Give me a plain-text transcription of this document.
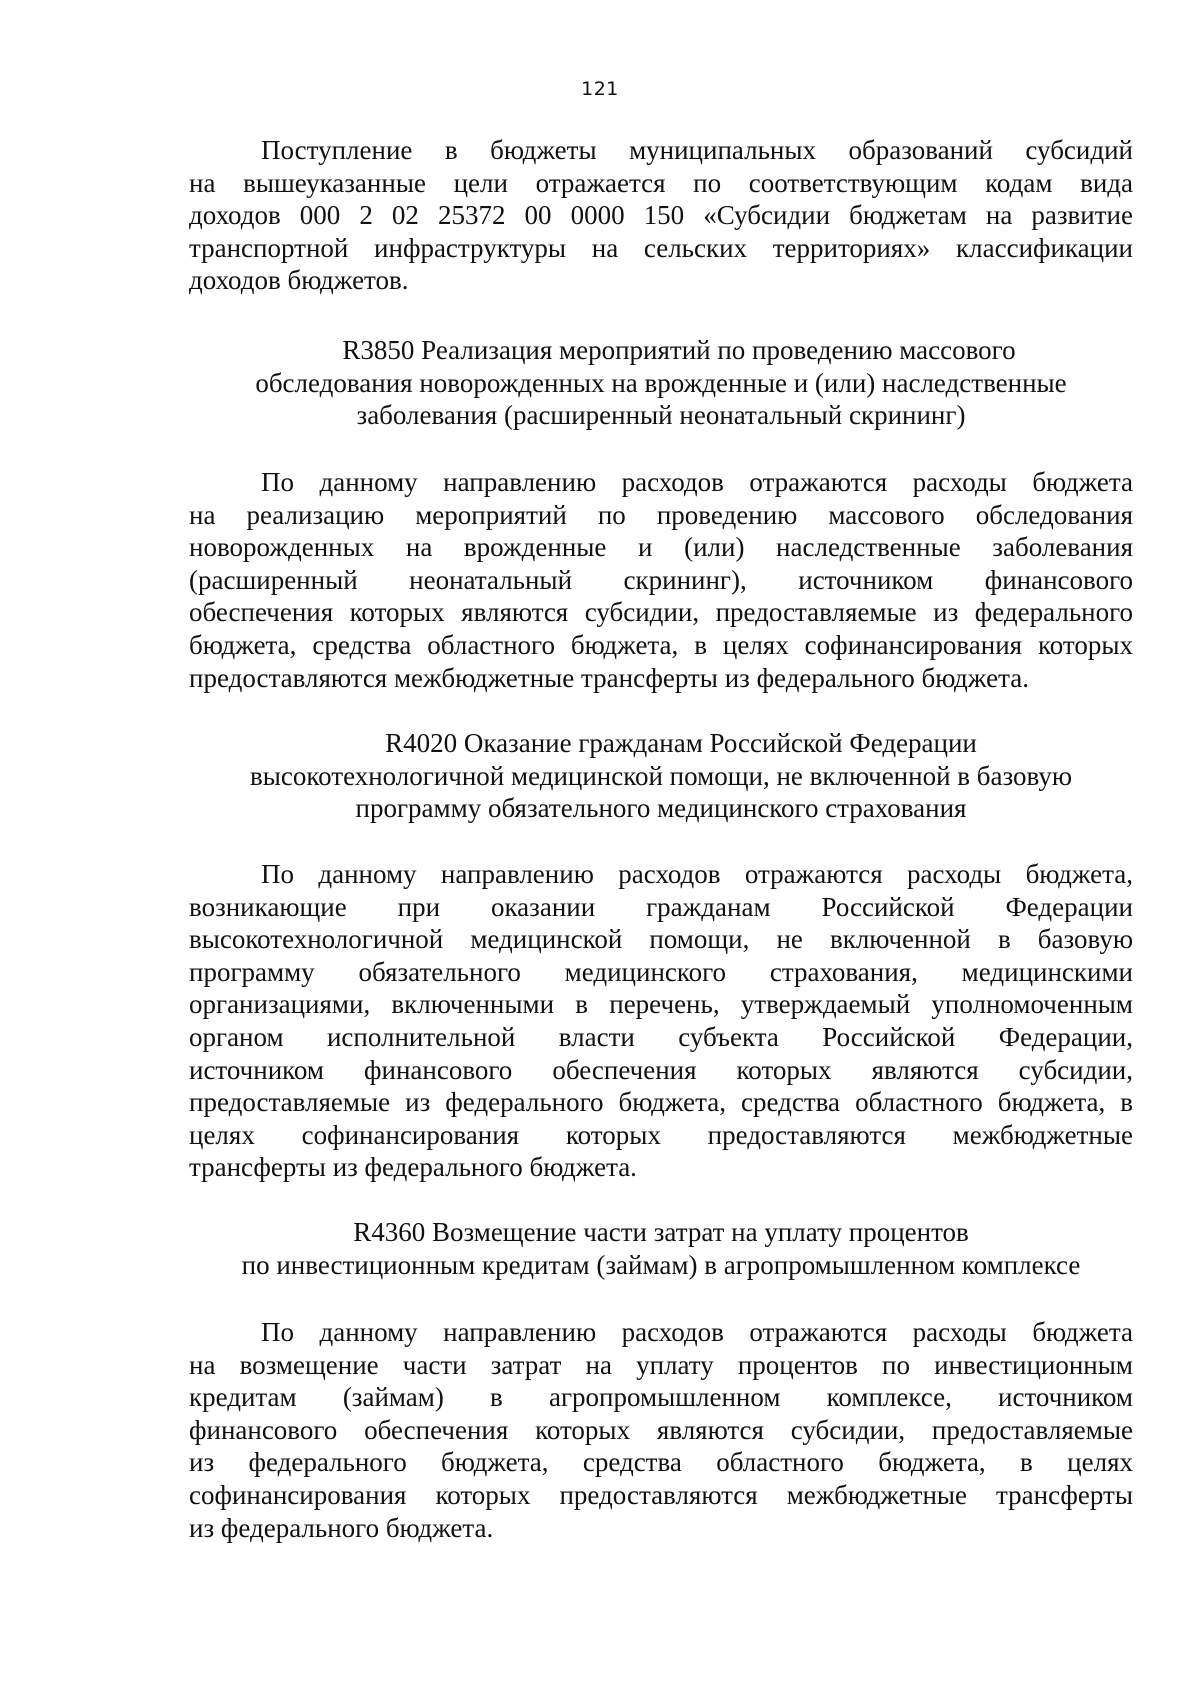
121
Поступление в бюджеты муниципальных образований субсидий
на вышеуказанные цели отражается по соответствующим кодам вида
доходов 000 2 02 25372 00 0000 150 «Субсидии бюджетам на развитие
транспортной инфраструктуры на сельских территориях» классификации
доходов бюджетов.
R3850 Реализация мероприятий по проведению массового
обследования новорожденных на врожденные и (или) наследственные
заболевания (расширенный неонатальный скрининг)
По данному направлению расходов отражаются расходы бюджета
на реализацию мероприятий по проведению массового обследования
новорожденных на врожденные и (или) наследственные заболевания
(расширенный неонатальный скрининг), источником финансового
обеспечения которых являются субсидии, предоставляемые из федерального
бюджета, средства областного бюджета, в целях софинансирования которых
предоставляются межбюджетные трансферты из федерального бюджета.
R4020 Оказание гражданам Российской Федерации
высокотехнологичной медицинской помощи, не включенной в базовую
программу обязательного медицинского страхования
По данному направлению расходов отражаются расходы бюджета,
возникающие при оказании гражданам Российской Федерации
высокотехнологичной медицинской помощи, не включенной в базовую
программу обязательного медицинского страхования, медицинскими
организациями, включенными в перечень, утверждаемый уполномоченным
органом исполнительной власти субъекта Российской Федерации,
источником финансового обеспечения которых являются субсидии,
предоставляемые из федерального бюджета, средства областного бюджета, в
целях софинансирования которых предоставляются межбюджетные
трансферты из федерального бюджета.
R4360 Возмещение части затрат на уплату процентов
по инвестиционным кредитам (займам) в агропромышленном комплексе
По данному направлению расходов отражаются расходы бюджета
на возмещение части затрат на уплату процентов по инвестиционным
кредитам (займам) в агропромышленном комплексе, источником
финансового обеспечения которых являются субсидии, предоставляемые
из федерального бюджета, средства областного бюджета, в целях
софинансирования которых предоставляются межбюджетные трансферты
из федерального бюджета.
